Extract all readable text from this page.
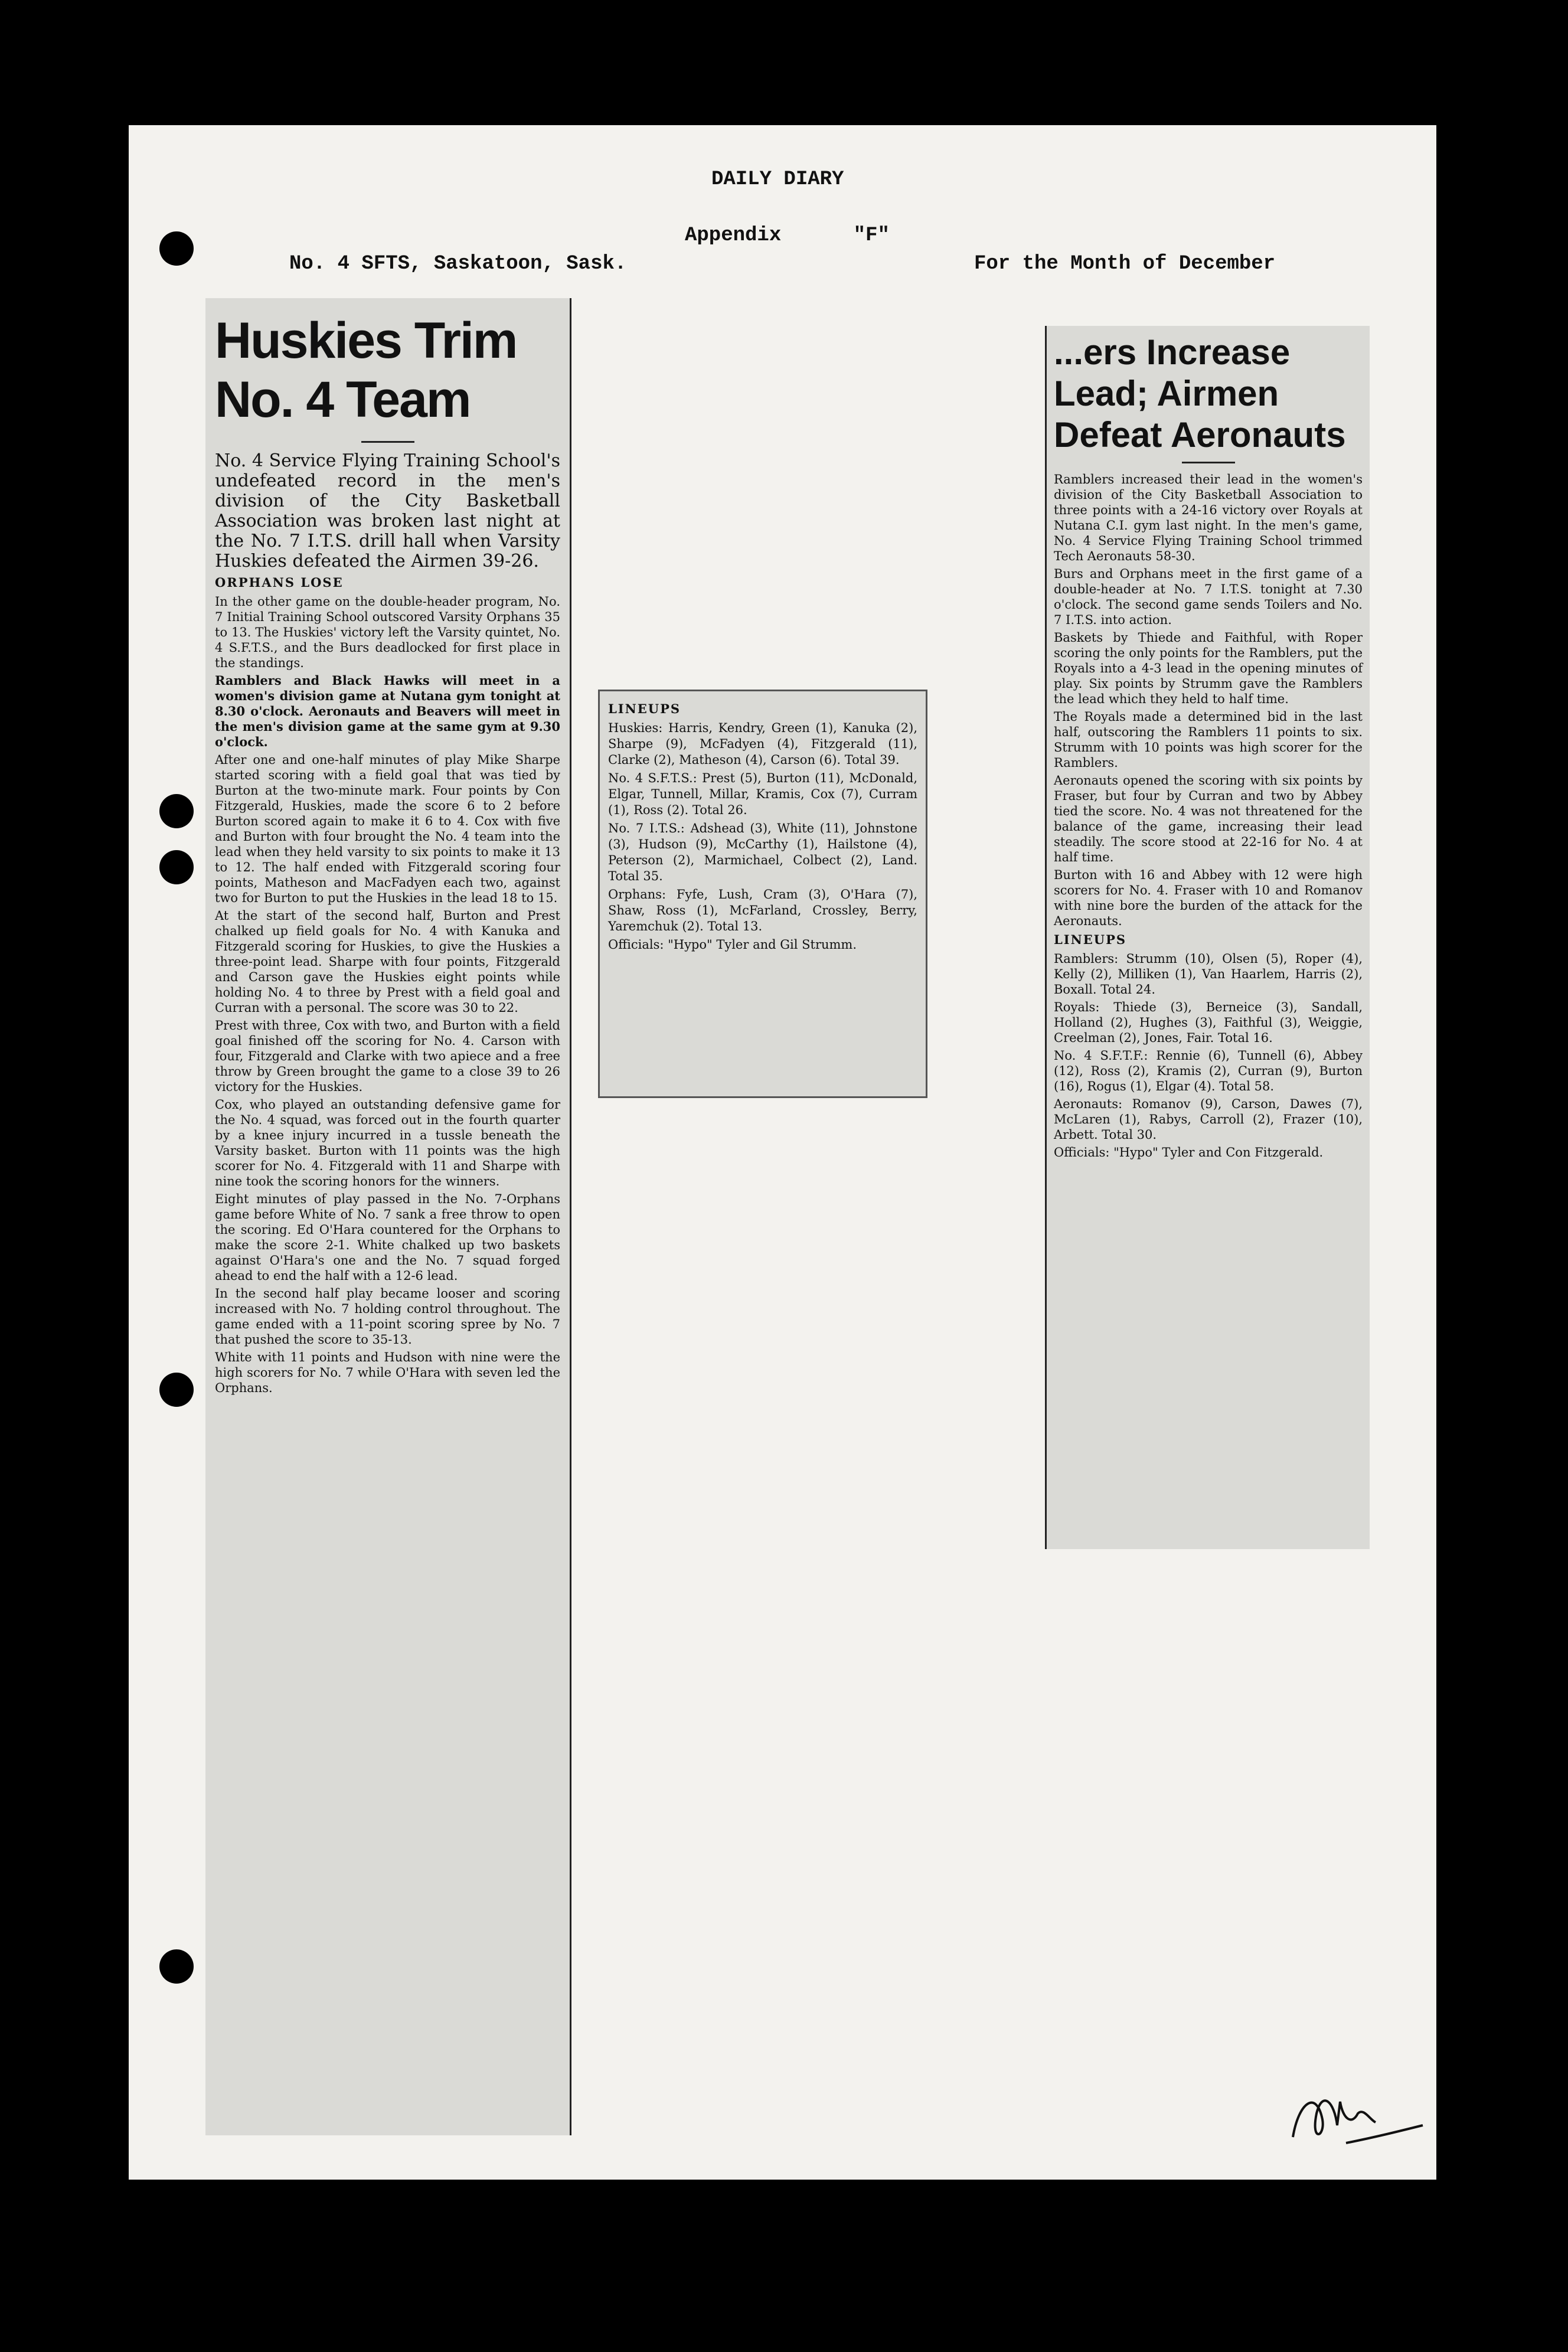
DAILY DIARY
Appendix      "F"
No. 4 SFTS, Saskatoon, Sask.	For the Month of December
Huskies Trim No. 4 Team

No. 4 Service Flying Training School's undefeated record in the men's division of the City Basketball Association was broken last night at the No. 7 I.T.S. drill hall when Varsity Huskies defeated the Airmen 39-26.

ORPHANS LOSE

In the other game on the double-header program, No. 7 Initial Training School outscored Varsity Orphans 35 to 13. The Huskies' victory left the Varsity quintet, No. 4 S.F.T.S., and the Burs deadlocked for first place in the standings.

Ramblers and Black Hawks will meet in a women's division game at Nutana gym tonight at 8.30 o'clock. Aeronauts and Beavers will meet in the men's division game at the same gym at 9.30 o'clock.

After one and one-half minutes of play Mike Sharpe started scoring with a field goal that was tied by Burton at the two-minute mark. Four points by Con Fitzgerald, Huskies, made the score 6 to 2 before Burton scored again to make it 6 to 4. Cox with five and Burton with four brought the No. 4 team into the lead when they held varsity to six points to make it 13 to 12. The half ended with Fitzgerald scoring four points, Matheson and MacFadyen each two, against two for Burton to put the Huskies in the lead 18 to 15.

At the start of the second half, Burton and Prest chalked up field goals for No. 4 with Kanuka and Fitzgerald scoring for Huskies, to give the Huskies a three-point lead. Sharpe with four points, Fitzgerald and Carson gave the Huskies eight points while holding No. 4 to three by Prest with a field goal and Curran with a personal. The score was 30 to 22.

Prest with three, Cox with two, and Burton with a field goal finished off the scoring for No. 4. Carson with four, Fitzgerald and Clarke with two apiece and a free throw by Green brought the game to a close 39 to 26 victory for the Huskies.

Cox, who played an outstanding defensive game for the No. 4 squad, was forced out in the fourth quarter by a knee injury incurred in a tussle beneath the Varsity basket. Burton with 11 points was the high scorer for No. 4. Fitzgerald with 11 and Sharpe with nine took the scoring honors for the winners.

Eight minutes of play passed in the No. 7-Orphans game before White of No. 7 sank a free throw to open the scoring. Ed O'Hara countered for the Orphans to make the score 2-1. White chalked up two baskets against O'Hara's one and the No. 7 squad forged ahead to end the half with a 12-6 lead.

In the second half play became looser and scoring increased with No. 7 holding control throughout. The game ended with a 11-point scoring spree by No. 7 that pushed the score to 35-13.

White with 11 points and Hudson with nine were the high scorers for No. 7 while O'Hara with seven led the Orphans.

LINEUPS

Huskies: Harris, Kendry, Green (1), Kanuka (2), Sharpe (9), McFadyen (4), Fitzgerald (11), Clarke (2), Matheson (4), Carson (6). Total 39.

No. 4 S.F.T.S.: Prest (5), Burton (11), McDonald, Elgar, Tunnell, Millar, Kramis, Cox (7), Curram (1), Ross (2). Total 26.

No. 7 I.T.S.: Adshead (3), White (11), Johnstone (3), Hudson (9), McCarthy (1), Hailstone (4), Peterson (2), Marmichael, Colbect (2), Land. Total 35.

Orphans: Fyfe, Lush, Cram (3), O'Hara (7), Shaw, Ross (1), McFarland, Crossley, Berry, Yaremchuk (2). Total 13.

Officials: "Hypo" Tyler and Gil Strumm.

...ers Increase Lead; Airmen Defeat Aeronauts

Ramblers increased their lead in the women's division of the City Basketball Association to three points with a 24-16 victory over Royals at Nutana C.I. gym last night. In the men's game, No. 4 Service Flying Training School trimmed Tech Aeronauts 58-30.

Burs and Orphans meet in the first game of a double-header at No. 7 I.T.S. tonight at 7.30 o'clock. The second game sends Toilers and No. 7 I.T.S. into action.

Baskets by Thiede and Faithful, with Roper scoring the only points for the Ramblers, put the Royals into a 4-3 lead in the opening minutes of play. Six points by Strumm gave the Ramblers the lead which they held to half time.

The Royals made a determined bid in the last half, outscoring the Ramblers 11 points to six. Strumm with 10 points was high scorer for the Ramblers.

Aeronauts opened the scoring with six points by Fraser, but four by Curran and two by Abbey tied the score. No. 4 was not threatened for the balance of the game, increasing their lead steadily. The score stood at 22-16 for No. 4 at half time.

Burton with 16 and Abbey with 12 were high scorers for No. 4. Fraser with 10 and Romanov with nine bore the burden of the attack for the Aeronauts.

LINEUPS

Ramblers: Strumm (10), Olsen (5), Roper (4), Kelly (2), Milliken (1), Van Haarlem, Harris (2), Boxall. Total 24.

Royals: Thiede (3), Berneice (3), Sandall, Holland (2), Hughes (3), Faithful (3), Weiggie, Creelman (2), Jones, Fair. Total 16.

No. 4 S.F.T.F.: Rennie (6), Tunnell (6), Abbey (12), Ross (2), Kramis (2), Curran (9), Burton (16), Rogus (1), Elgar (4). Total 58.

Aeronauts: Romanov (9), Carson, Dawes (7), McLaren (1), Rabys, Carroll (2), Frazer (10), Arbett. Total 30.

Officials: "Hypo" Tyler and Con Fitzgerald.
